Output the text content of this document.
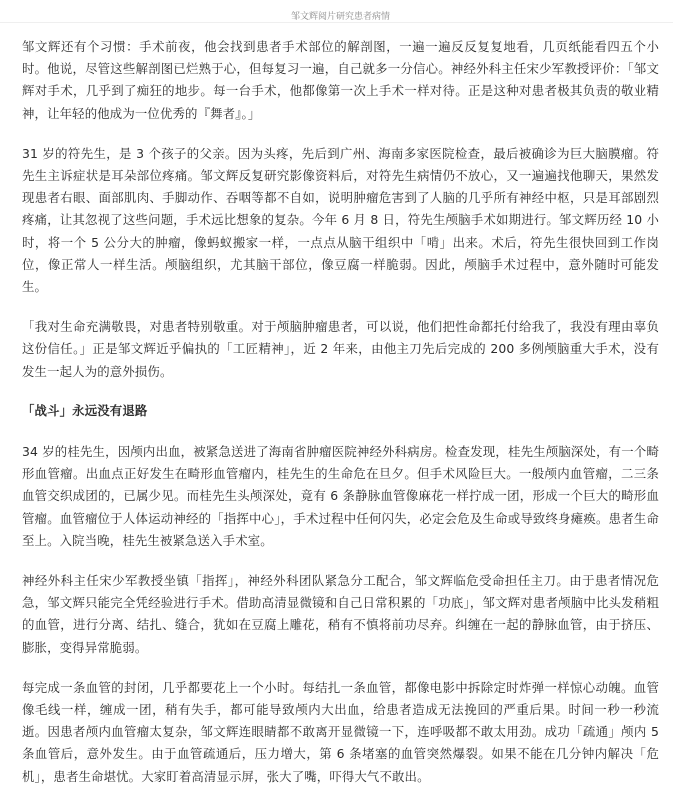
邹文辉阅片研究患者病情

邹文辉还有个习惯：手术前夜，他会找到患者手术部位的解剖图，一遍一遍反反复复地看，几页纸能看四五个小时。他说，尽管这些解剖图已烂熟于心，但每复习一遍，自己就多一分信心。神经外科主任宋少军教授评价：「邹文辉对手术，几乎到了痴狂的地步。每一台手术，他都像第一次上手术一样对待。正是这种对患者极其负责的敬业精神，让年轻的他成为一位优秀的『舞者』。」

31 岁的符先生，是 3 个孩子的父亲。因为头疼，先后到广州、海南多家医院检查，最后被确诊为巨大脑膜瘤。符先生主诉症状是耳朵部位疼痛。邹文辉反复研究影像资料后，对符先生病情仍不放心，又一遍遍找他聊天，果然发现患者右眼、面部肌肉、手脚动作、吞咽等都不自如，说明肿瘤危害到了人脑的几乎所有神经中枢，只是耳部剧烈疼痛，让其忽视了这些问题，手术远比想象的复杂。今年 6 月 8 日，符先生颅脑手术如期进行。邹文辉历经 10 小时，将一个 5 公分大的肿瘤，像蚂蚁搬家一样，一点点从脑干组织中「啃」出来。术后，符先生很快回到工作岗位，像正常人一样生活。颅脑组织，尤其脑干部位，像豆腐一样脆弱。因此，颅脑手术过程中，意外随时可能发生。

「我对生命充满敬畏，对患者特别敬重。对于颅脑肿瘤患者，可以说，他们把性命都托付给我了，我没有理由辜负这份信任。」正是邹文辉近乎偏执的「工匠精神」，近 2 年来，由他主刀先后完成的 200 多例颅脑重大手术，没有发生一起人为的意外损伤。

「战斗」永远没有退路

34 岁的桂先生，因颅内出血，被紧急送进了海南省肿瘤医院神经外科病房。检查发现，桂先生颅脑深处，有一个畸形血管瘤。出血点正好发生在畸形血管瘤内，桂先生的生命危在旦夕。但手术风险巨大。一般颅内血管瘤，二三条血管交织成团的，已属少见。而桂先生头颅深处，竟有 6 条静脉血管像麻花一样拧成一团，形成一个巨大的畸形血管瘤。血管瘤位于人体运动神经的「指挥中心」，手术过程中任何闪失，必定会危及生命或导致终身瘫痪。患者生命至上。入院当晚，桂先生被紧急送入手术室。

神经外科主任宋少军教授坐镇「指挥」，神经外科团队紧急分工配合，邹文辉临危受命担任主刀。由于患者情况危急，邹文辉只能完全凭经验进行手术。借助高清显微镜和自己日常积累的「功底」，邹文辉对患者颅脑中比头发稍粗的血管，进行分离、结扎、缝合，犹如在豆腐上雕花，稍有不慎将前功尽弃。纠缠在一起的静脉血管，由于挤压、膨胀，变得异常脆弱。

每完成一条血管的封闭，几乎都要花上一个小时。每结扎一条血管，都像电影中拆除定时炸弹一样惊心动魄。血管像毛线一样，缠成一团，稍有失手，都可能导致颅内大出血，给患者造成无法挽回的严重后果。时间一秒一秒流逝。因患者颅内血管瘤太复杂，邹文辉连眼睛都不敢离开显微镜一下，连呼吸都不敢太用劲。成功「疏通」颅内 5 条血管后，意外发生。由于血管疏通后，压力增大，第 6 条堵塞的血管突然爆裂。如果不能在几分钟内解决「危机」，患者生命堪忧。大家盯着高清显示屏，张大了嘴，吓得大气不敢出。
